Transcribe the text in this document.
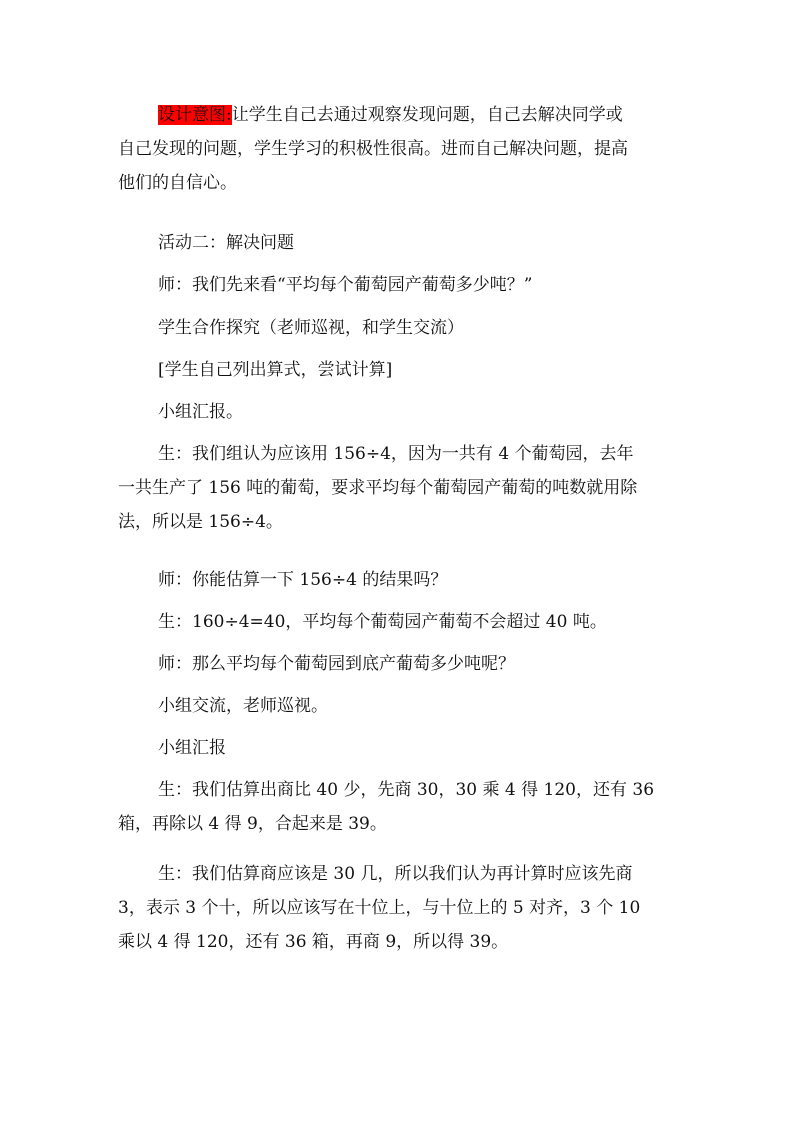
设计意图:让学生自己去通过观察发现问题，自己去解决同学或
自己发现的问题，学生学习的积极性很高。进而自己解决问题，提高
他们的自信心。

活动二：解决问题

师：我们先来看“平均每个葡萄园产葡萄多少吨？”

学生合作探究（老师巡视，和学生交流）

[学生自己列出算式，尝试计算]

小组汇报。

生：我们组认为应该用 156÷4，因为一共有 4 个葡萄园，去年
一共生产了 156 吨的葡萄，要求平均每个葡萄园产葡萄的吨数就用除
法，所以是 156÷4。

师：你能估算一下 156÷4 的结果吗？

生：160÷4=40，平均每个葡萄园产葡萄不会超过 40 吨。

师：那么平均每个葡萄园到底产葡萄多少吨呢？

小组交流，老师巡视。

小组汇报

生：我们估算出商比 40 少，先商 30，30 乘 4 得 120，还有 36
箱，再除以 4 得 9，合起来是 39。

生：我们估算商应该是 30 几，所以我们认为再计算时应该先商
3，表示 3 个十，所以应该写在十位上，与十位上的 5 对齐，3 个 10
乘以 4 得 120，还有 36 箱，再商 9，所以得 39。
